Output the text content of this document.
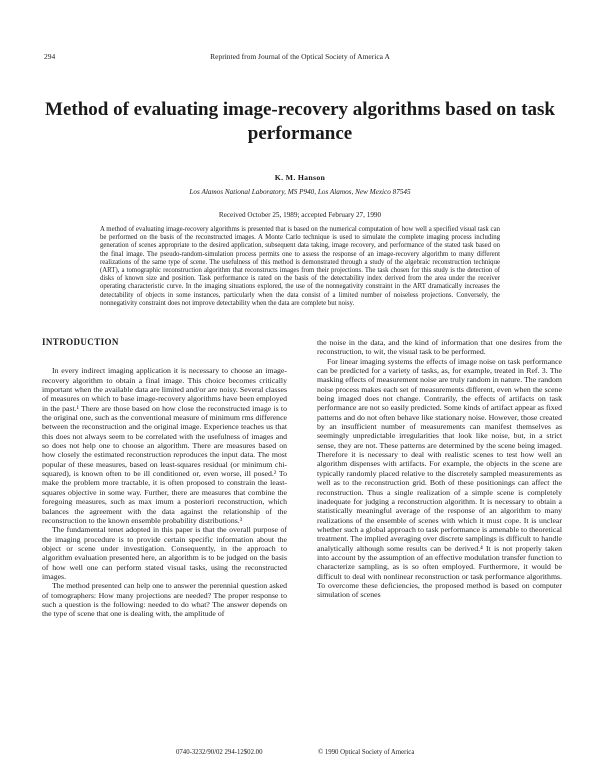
294	Reprinted from Journal of the Optical Society of America A
Method of evaluating image-recovery algorithms based on task performance
K. M. Hanson
Los Alamos National Laboratory, MS P940, Los Alamos, New Mexico 87545
Received October 25, 1989; accepted February 27, 1990
A method of evaluating image-recovery algorithms is presented that is based on the numerical computation of how well a specified visual task can be performed on the basis of the reconstructed images. A Monte Carlo technique is used to simulate the complete imaging process including generation of scenes appropriate to the desired application, subsequent data taking, image recovery, and performance of the stated task based on the final image. The pseudo-random-simulation process permits one to assess the response of an image-recovery algorithm to many different realizations of the same type of scene. The usefulness of this method is demonstrated through a study of the algebraic reconstruction technique (ART), a tomographic reconstruction algorithm that reconstructs images from their projections. The task chosen for this study is the detection of disks of known size and position. Task performance is rated on the basis of the detectability index derived from the area under the receiver operating characteristic curve. In the imaging situations explored, the use of the nonnegativity constraint in the ART dramatically increases the detectability of objects in some instances, particularly when the data consist of a limited number of noiseless projections. Conversely, the nonnegativity constraint does not improve detectability when the data are complete but noisy.
INTRODUCTION

In every indirect imaging application it is necessary to choose an image-recovery algorithm to obtain a final image. This choice becomes critically important when the available data are limited and/or are noisy. Several classes of measures on which to base image-recovery algorithms have been employed in the past.¹ There are those based on how close the reconstructed image is to the original one, such as the conventional measure of minimum rms difference between the reconstruction and the original image. Experience teaches us that this does not always seem to be correlated with the usefulness of images and so does not help one to choose an algorithm. There are measures based on how closely the estimated reconstruction reproduces the input data. The most popular of these measures, based on least-squares residual (or minimum chi-squared), is known often to be ill conditioned or, even worse, ill posed.² To make the problem more tractable, it is often proposed to constrain the least-squares objective in some way. Further, there are measures that combine the foregoing measures, such as max imum a posteriori reconstruction, which balances the agreement with the data against the relationship of the reconstruction to the known ensemble probability distributions.³

The fundamental tenet adopted in this paper is that the overall purpose of the imaging procedure is to provide certain specific information about the object or scene under investigation. Consequently, in the approach to algorithm evaluation presented here, an algorithm is to be judged on the basis of how well one can perform stated visual tasks, using the reconstructed images.

The method presented can help one to answer the perennial question asked of tomographers: How many projections are needed? The proper response to such a question is the following: needed to do what? The answer depends on the type of scene that one is dealing with, the amplitude of

the noise in the data, and the kind of information that one desires from the reconstruction, to wit, the visual task to be performed.

For linear imaging systems the effects of image noise on task performance can be predicted for a variety of tasks, as, for example, treated in Ref. 3. The masking effects of measurement noise are truly random in nature. The random noise process makes each set of measurements different, even when the scene being imaged does not change. Contrarily, the effects of artifacts on task performance are not so easily predicted. Some kinds of artifact appear as fixed patterns and do not often behave like stationary noise. However, those created by an insufficient number of measurements can manifest themselves as seemingly unpredictable irregularities that look like noise, but, in a strict sense, they are not. These patterns are determined by the scene being imaged. Therefore it is necessary to deal with realistic scenes to test how well an algorithm dispenses with artifacts. For example, the objects in the scene are typically randomly placed relative to the discretely sampled measurements as well as to the reconstruction grid. Both of these positionings can affect the reconstruction. Thus a single realization of a simple scene is completely inadequate for judging a reconstruction algorithm. It is necessary to obtain a statistically meaningful average of the response of an algorithm to many realizations of the ensemble of scenes with which it must cope. It is unclear whether such a global approach to task performance is amenable to theoretical treatment. The implied averaging over discrete samplings is difficult to handle analytically although some results can be derived.⁴ It is not properly taken into account by the assumption of an effective modulation transfer function to characterize sampling, as is so often employed. Furthermore, it would be difficult to deal with nonlinear reconstruction or task performance algorithms. To overcome these deficiencies, the proposed method is based on computer simulation of scenes

0740-3232/90/02 294-12$02.00	© 1990 Optical Society of America
